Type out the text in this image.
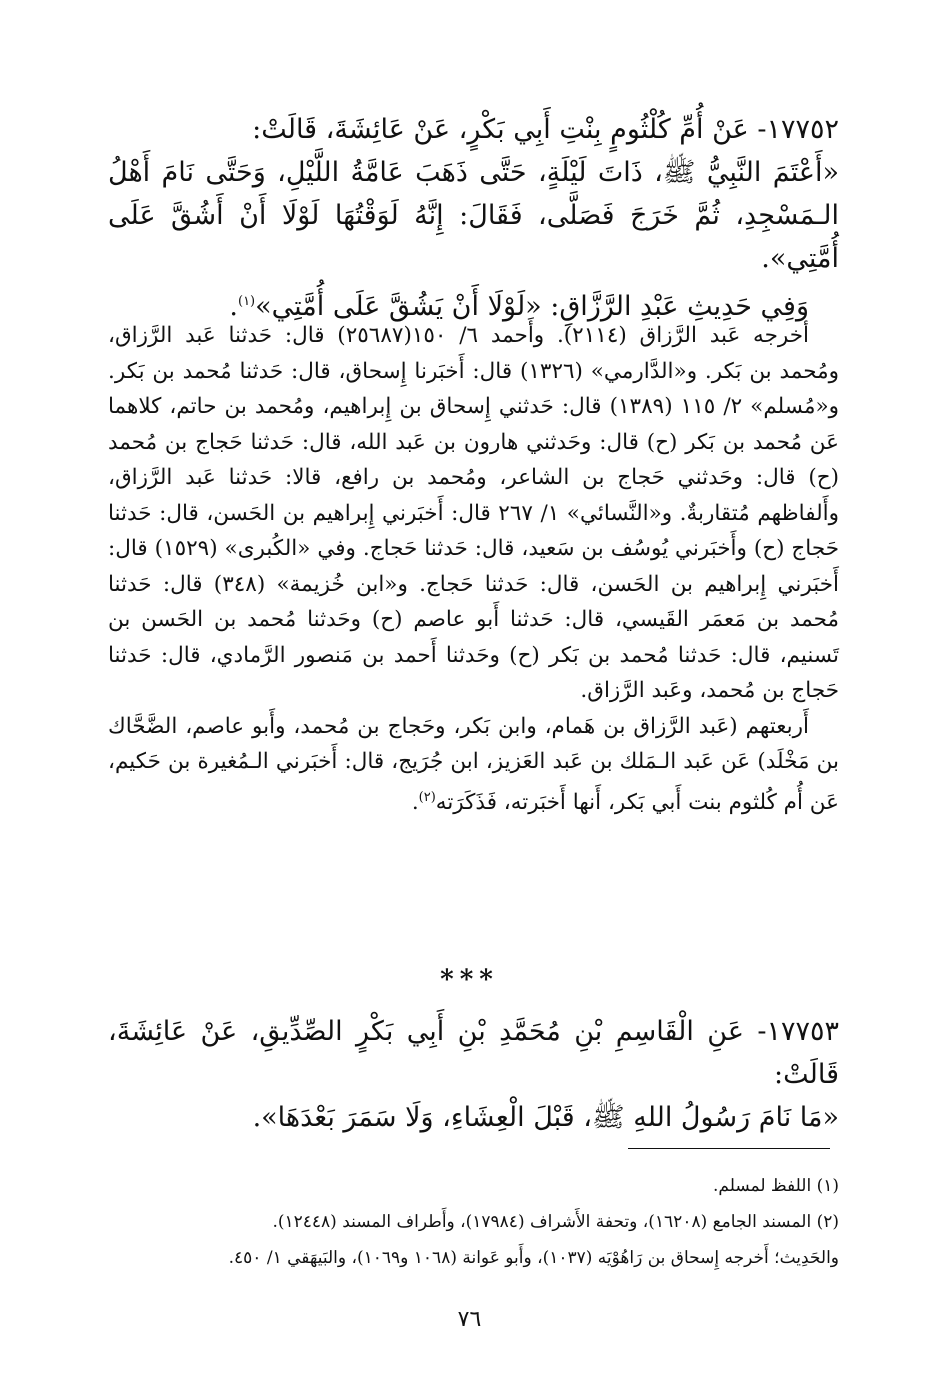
١٧٧٥٢- عَنْ أُمِّ كُلْثُومٍ بِنْتِ أَبِي بَكْرٍ، عَنْ عَائِشَةَ، قَالَتْ:

«أَعْتَمَ النَّبِيُّ ﷺ، ذَاتَ لَيْلَةٍ، حَتَّى ذَهَبَ عَامَّةُ اللَّيْلِ، وَحَتَّى نَامَ أَهْلُ الـمَسْجِدِ، ثُمَّ خَرَجَ فَصَلَّى، فَقَالَ: إِنَّهُ لَوَقْتُهَا لَوْلَا أَنْ أَشُقَّ عَلَى أُمَّتِي».

وَفِي حَدِيثِ عَبْدِ الرَّزَّاقِ: «لَوْلَا أَنْ يَشُقَّ عَلَى أُمَّتِي»$^{(١)}$.

أخرجه عَبد الرَّزاق (٢١١٤). وأَحمد ٦/ ١٥٠(٢٥٦٨٧) قال: حَدثنا عَبد الرَّزاق، ومُحمد بن بَكر. و«الدَّارمي» (١٣٢٦) قال: أَخبَرنا إِسحاق، قال: حَدثنا مُحمد بن بَكر. و«مُسلم» ٢/ ١١٥ (١٣٨٩) قال: حَدثني إِسحاق بن إِبراهيم، ومُحمد بن حاتم، كلاهما عَن مُحمد بن بَكر (ح) قال: وحَدثني هارون بن عَبد الله، قال: حَدثنا حَجاج بن مُحمد (ح) قال: وحَدثني حَجاج بن الشاعر، ومُحمد بن رافع، قالا: حَدثنا عَبد الرَّزاق، وأَلفاظهم مُتقاربةٌ. و«النَّسائي» ١/ ٢٦٧ قال: أَخبَرني إِبراهيم بن الحَسن، قال: حَدثنا حَجاج (ح) وأَخبَرني يُوسُف بن سَعيد، قال: حَدثنا حَجاج. وفي «الكُبرى» (١٥٢٩) قال: أَخبَرني إِبراهيم بن الحَسن، قال: حَدثنا حَجاج. و«ابن خُزيمة» (٣٤٨) قال: حَدثنا مُحمد بن مَعمَر القَيسي، قال: حَدثنا أَبو عاصم (ح) وحَدثنا مُحمد بن الحَسن بن تَسنيم، قال: حَدثنا مُحمد بن بَكر (ح) وحَدثنا أَحمد بن مَنصور الرَّمادي، قال: حَدثنا حَجاج بن مُحمد، وعَبد الرَّزاق.

أَربعتهم (عَبد الرَّزاق بن هَمام، وابن بَكر، وحَجاج بن مُحمد، وأَبو عاصم، الضَّحَّاك بن مَخْلَد) عَن عَبد الـمَلك بن عَبد العَزيز، ابن جُرَيج، قال: أَخبَرني الـمُغيرة بن حَكيم، عَن أُم كُلثوم بنت أَبي بَكر، أَنها أَخبَرته، فَذَكَرَته$^{(٢)}$.

***

١٧٧٥٣- عَنِ الْقَاسِمِ بْنِ مُحَمَّدِ بْنِ أَبِي بَكْرٍ الصِّدِّيقِ، عَنْ عَائِشَةَ، قَالَتْ:

«مَا نَامَ رَسُولُ اللهِ ﷺ، قَبْلَ الْعِشَاءِ، وَلَا سَمَرَ بَعْدَهَا».

(١) اللفظ لمسلم.

(٢) المسند الجامع (١٦٢٠٨)، وتحفة الأَشراف (١٧٩٨٤)، وأَطراف المسند (١٢٤٤٨).

والحَدِيث؛ أَخرجه إِسحاق بن رَاهُوْيَه (١٠٣٧)، وأَبو عَوانة (١٠٦٨ و١٠٦٩)، والبَيهَقي ١/ ٤٥٠.

٧٦
